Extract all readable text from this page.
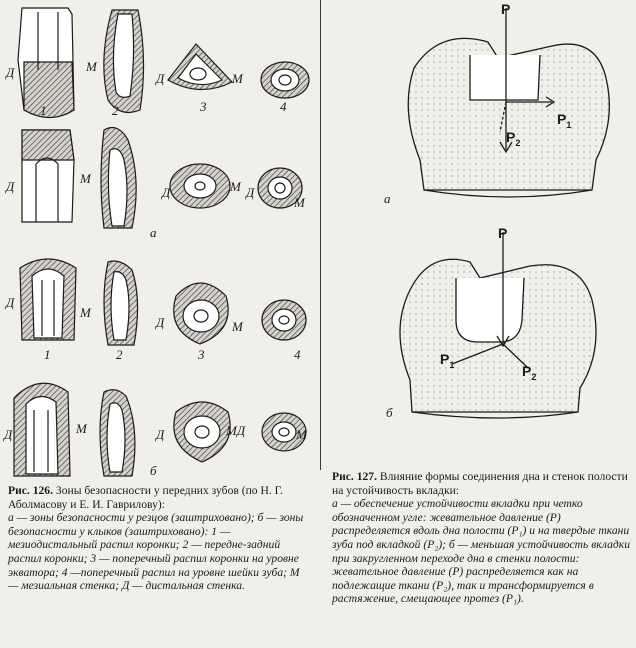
Д	М
1	2
Д	М
3	4
Д
М
Д	М Д
М
а
Д
М
1	2
Д	М
3	4
Д	М	Д	МД	М
б
P
$P_1$
$P_2$
а
P
$P_1$	$P_2$
б
Рис. 126. Зоны безопасности у передних зубов (по Н. Г. Аболмасову и Е. И. Гаврилову):
а — зоны безопасности у резцов (заштриховано); б — зоны безопасности у клыков (заштриховано): 1 — мезиодистальный распил коронки; 2 — передне-задний распил коронки; 3 — поперечный распил коронки на уровне экватора; 4 —поперечный распил на уровне шейки зуба; М — мезиальная стенка; Д — дистальная стенка.
Рис. 127. Влияние формы соединения дна и стенок полости на устойчивость вкладки:
а — обеспечение устойчивости вкладки при четко обозначенном угле: жевательное давление (P) распределяется вдоль дна полости (P₁) и на твердые ткани зуба под вкладкой (P₂); б — меньшая устойчивость вкладки при закругленном переходе дна в стенки полости: жевательное давление (P) распределяется как на подлежащие ткани (P₂), так и трансформируется в растяжение, смещающее протез (P₁).
